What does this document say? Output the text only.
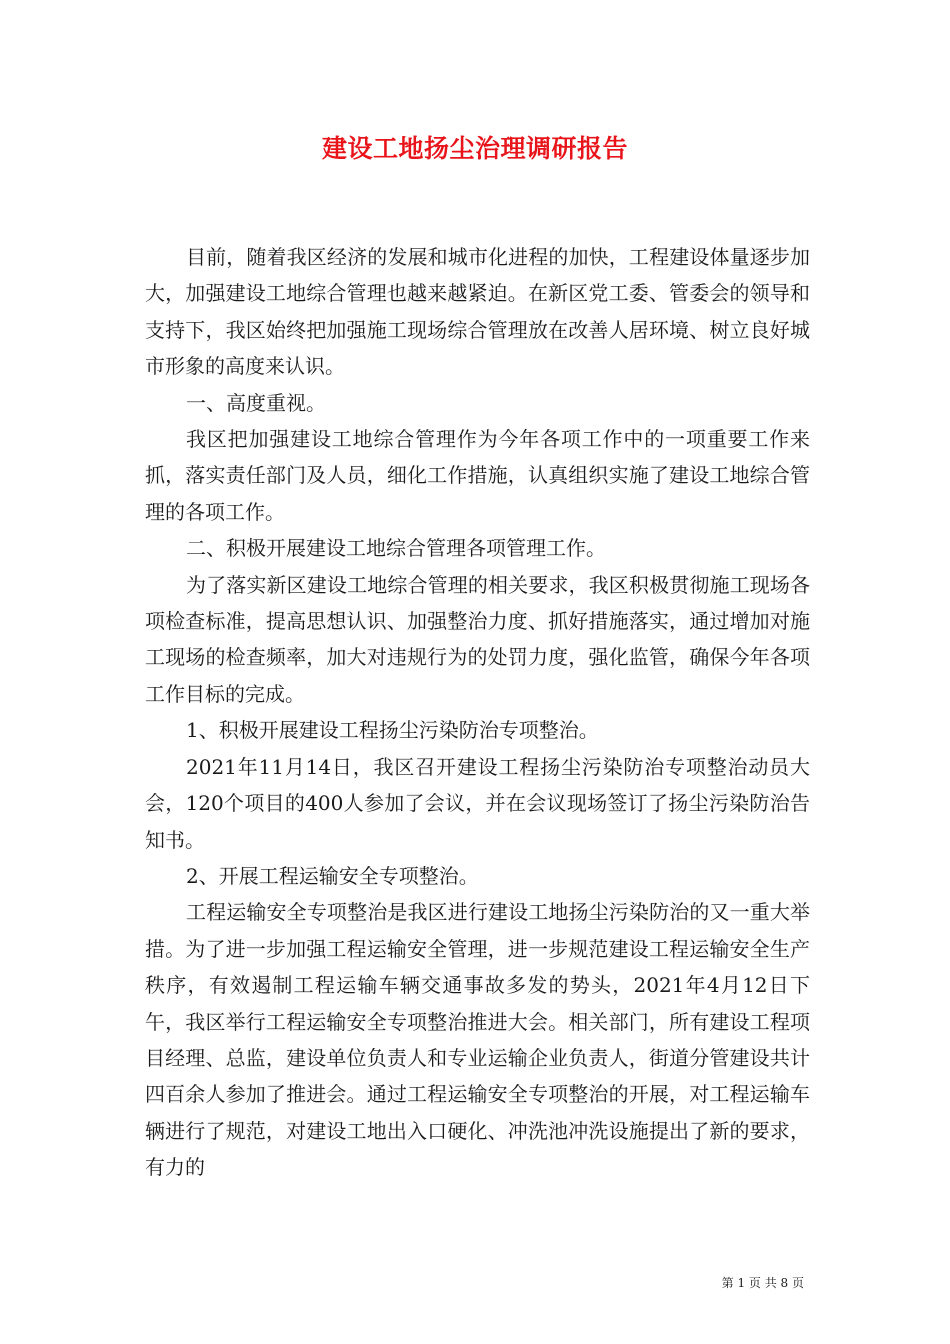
建设工地扬尘治理调研报告

目前，随着我区经济的发展和城市化进程的加快，工程建设体量逐步加大，加强建设工地综合管理也越来越紧迫。在新区党工委、管委会的领导和支持下，我区始终把加强施工现场综合管理放在改善人居环境、树立良好城市形象的高度来认识。

一、高度重视。

我区把加强建设工地综合管理作为今年各项工作中的一项重要工作来抓，落实责任部门及人员，细化工作措施，认真组织实施了建设工地综合管理的各项工作。

二、积极开展建设工地综合管理各项管理工作。

为了落实新区建设工地综合管理的相关要求，我区积极贯彻施工现场各项检查标准，提高思想认识、加强整治力度、抓好措施落实，通过增加对施工现场的检查频率，加大对违规行为的处罚力度，强化监管，确保今年各项工作目标的完成。

1、积极开展建设工程扬尘污染防治专项整治。

2021年11月14日，我区召开建设工程扬尘污染防治专项整治动员大会，120个项目的400人参加了会议，并在会议现场签订了扬尘污染防治告知书。

2、开展工程运输安全专项整治。

工程运输安全专项整治是我区进行建设工地扬尘污染防治的又一重大举措。为了进一步加强工程运输安全管理，进一步规范建设工程运输安全生产秩序，有效遏制工程运输车辆交通事故多发的势头，2021年4月12日下午，我区举行工程运输安全专项整治推进大会。相关部门，所有建设工程项目经理、总监，建设单位负责人和专业运输企业负责人，街道分管建设共计四百余人参加了推进会。通过工程运输安全专项整治的开展，对工程运输车辆进行了规范，对建设工地出入口硬化、冲洗池冲洗设施提出了新的要求，有力的

第 1 页 共 8 页
